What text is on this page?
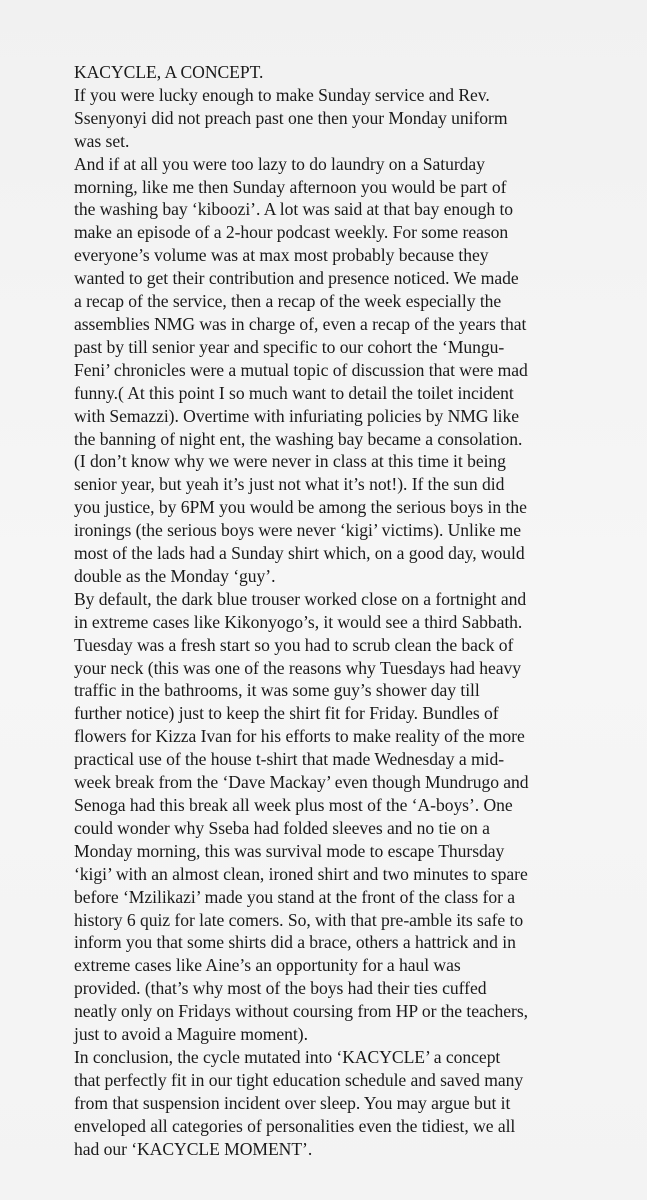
KACYCLE, A CONCEPT.
If you were lucky enough to make Sunday service and Rev.
Ssenyonyi did not preach past one then your Monday uniform
was set.
And if at all you were too lazy to do laundry on a Saturday
morning, like me then Sunday afternoon you would be part of
the washing bay ‘kiboozi’. A lot was said at that bay enough to
make an episode of a 2-hour podcast weekly. For some reason
everyone’s volume was at max most probably because they
wanted to get their contribution and presence noticed. We made
a recap of the service, then a recap of the week especially the
assemblies NMG was in charge of, even a recap of the years that
past by till senior year and specific to our cohort the ‘Mungu-
Feni’ chronicles were a mutual topic of discussion that were mad
funny.( At this point I so much want to detail the toilet incident
with Semazzi). Overtime with infuriating policies by NMG like
the banning of night ent, the washing bay became a consolation.
(I don’t know why we were never in class at this time it being
senior year, but yeah it’s just not what it’s not!). If the sun did
you justice, by 6PM you would be among the serious boys in the
ironings (the serious boys were never ‘kigi’ victims). Unlike me
most of the lads had a Sunday shirt which, on a good day, would
double as the Monday ‘guy’.
By default, the dark blue trouser worked close on a fortnight and
in extreme cases like Kikonyogo’s, it would see a third Sabbath.
Tuesday was a fresh start so you had to scrub clean the back of
your neck (this was one of the reasons why Tuesdays had heavy
traffic in the bathrooms, it was some guy’s shower day till
further notice) just to keep the shirt fit for Friday. Bundles of
flowers for Kizza Ivan for his efforts to make reality of the more
practical use of the house t-shirt that made Wednesday a mid-
week break from the ‘Dave Mackay’ even though Mundrugo and
Senoga had this break all week plus most of the ‘A-boys’. One
could wonder why Sseba had folded sleeves and no tie on a
Monday morning, this was survival mode to escape Thursday
‘kigi’ with an almost clean, ironed shirt and two minutes to spare
before ‘Mzilikazi’ made you stand at the front of the class for a
history 6 quiz for late comers. So, with that pre-amble its safe to
inform you that some shirts did a brace, others a hattrick and in
extreme cases like Aine’s an opportunity for a haul was
provided. (that’s why most of the boys had their ties cuffed
neatly only on Fridays without coursing from HP or the teachers,
just to avoid a Maguire moment).
In conclusion, the cycle mutated into ‘KACYCLE’ a concept
that perfectly fit in our tight education schedule and saved many
from that suspension incident over sleep. You may argue but it
enveloped all categories of personalities even the tidiest, we all
had our ‘KACYCLE MOMENT’.
